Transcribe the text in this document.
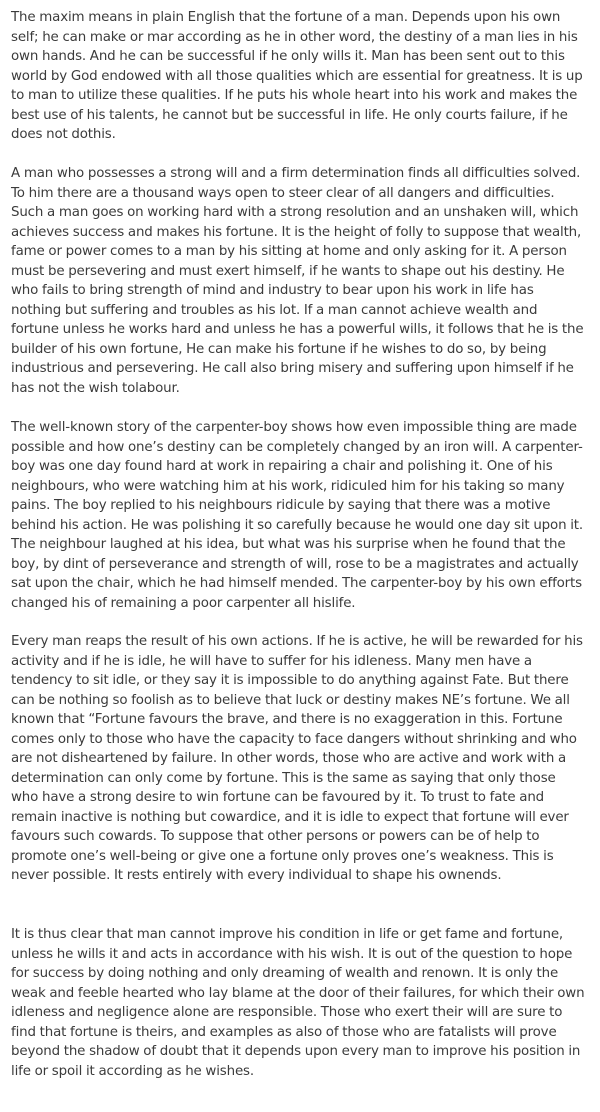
The maxim means in plain English that the fortune of a man. Depends upon his own self; he can make or mar according as he in other word, the destiny of a man lies in his own hands. And he can be successful if he only wills it. Man has been sent out to this world by God endowed with all those qualities which are essential for greatness. It is up to man to utilize these qualities. If he puts his whole heart into his work and makes the best use of his talents, he cannot but be successful in life. He only courts failure, if he does not dothis.

A man who possesses a strong will and a firm determination finds all difficulties solved. To him there are a thousand ways open to steer clear of all dangers and difficulties. Such a man goes on working hard with a strong resolution and an unshaken will, which achieves success and makes his fortune. It is the height of folly to suppose that wealth, fame or power comes to a man by his sitting at home and only asking for it. A person must be persevering and must exert himself, if he wants to shape out his destiny. He who fails to bring strength of mind and industry to bear upon his work in life has nothing but suffering and troubles as his lot. If a man cannot achieve wealth and fortune unless he works hard and unless he has a powerful wills, it follows that he is the builder of his own fortune, He can make his fortune if he wishes to do so, by being industrious and persevering. He call also bring misery and suffering upon himself if he has not the wish tolabour.

The well-known story of the carpenter-boy shows how even impossible thing are made possible and how one’s destiny can be completely changed by an iron will. A carpenter-boy was one day found hard at work in repairing a chair and polishing it. One of his neighbours, who were watching him at his work, ridiculed him for his taking so many pains. The boy replied to his neighbours ridicule by saying that there was a motive behind his action. He was polishing it so carefully because he would one day sit upon it. The neighbour laughed at his idea, but what was his surprise when he found that the boy, by dint of perseverance and strength of will, rose to be a magistrates and actually sat upon the chair, which he had himself mended. The carpenter-boy by his own efforts changed his of remaining a poor carpenter all hislife.

Every man reaps the result of his own actions. If he is active, he will be rewarded for his activity and if he is idle, he will have to suffer for his idleness. Many men have a tendency to sit idle, or they say it is impossible to do anything against Fate. But there can be nothing so foolish as to believe that luck or destiny makes NE’s fortune. We all known that “Fortune favours the brave, and there is no exaggeration in this. Fortune comes only to those who have the capacity to face dangers without shrinking and who are not disheartened by failure. In other words, those who are active and work with a determination can only come by fortune. This is the same as saying that only those who have a strong desire to win fortune can be favoured by it. To trust to fate and remain inactive is nothing but cowardice, and it is idle to expect that fortune will ever favours such cowards. To suppose that other persons or powers can be of help to promote one’s well-being or give one a fortune only proves one’s weakness. This is never possible. It rests entirely with every individual to shape his ownends.

It is thus clear that man cannot improve his condition in life or get fame and fortune, unless he wills it and acts in accordance with his wish. It is out of the question to hope for success by doing nothing and only dreaming of wealth and renown. It is only the weak and feeble hearted who lay blame at the door of their failures, for which their own idleness and negligence alone are responsible. Those who exert their will are sure to find that fortune is theirs, and examples as also of those who are fatalists will prove beyond the shadow of doubt that it depends upon every man to improve his position in life or spoil it according as he wishes.
